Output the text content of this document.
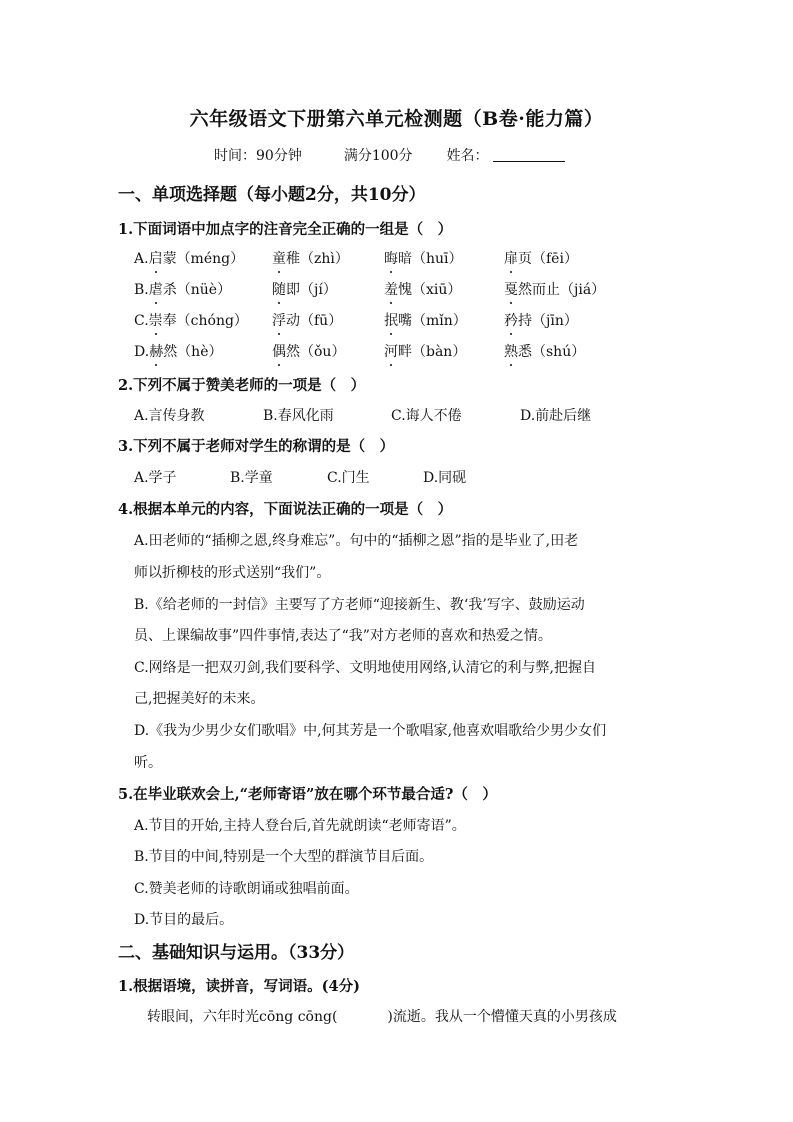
六年级语文下册第六单元检测题（B卷·能力篇）
时间：90分钟	满分100分 姓名：
一、单项选择题（每小题2分，共10分）
1.下面词语中加点字的注音完全正确的一组是（　）
A.启蒙（méng） 童稚（zhì）	晦暗（huī）	扉页（fēi）
B.虐杀（nüè）	随即（jí）	羞愧（xiū）	戛然而止（jiá）
C.崇奉（chóng） 浮动（fū）	抿嘴（mǐn）	矜持（jīn）
D.赫然（hè）	偶然（ǒu）	河畔（bàn）	熟悉（shú）
2.下列不属于赞美老师的一项是（　）
A.言传身教	B.春风化雨	C.诲人不倦	D.前赴后继
3.下列不属于老师对学生的称谓的是（　）
A.学子	B.学童	C.门生	D.同砚
4.根据本单元的内容，下面说法正确的一项是（　）
A.田老师的“插柳之恩,终身难忘”。句中的“插柳之恩”指的是毕业了,田老
师以折柳枝的形式送别“我们”。
B.《给老师的一封信》主要写了方老师“迎接新生、教‘我’写字、鼓励运动
员、上课编故事”四件事情,表达了“我”对方老师的喜欢和热爱之情。
C.网络是一把双刃剑,我们要科学、文明地使用网络,认清它的利与弊,把握自
己,把握美好的未来。
D.《我为少男少女们歌唱》中,何其芳是一个歌唱家,他喜欢唱歌给少男少女们
听。
5.在毕业联欢会上,“老师寄语”放在哪个环节最合适?（　）
A.节目的开始,主持人登台后,首先就朗读“老师寄语”。
B.节目的中间,特别是一个大型的群演节目后面。
C.赞美老师的诗歌朗诵或独唱前面。
D.节目的最后。
二、基础知识与运用。（33分）
1.根据语境，读拼音，写词语。(4分)
转眼间，六年时光cōng cōng(	)流逝。我从一个懵懂天真的小男孩成
